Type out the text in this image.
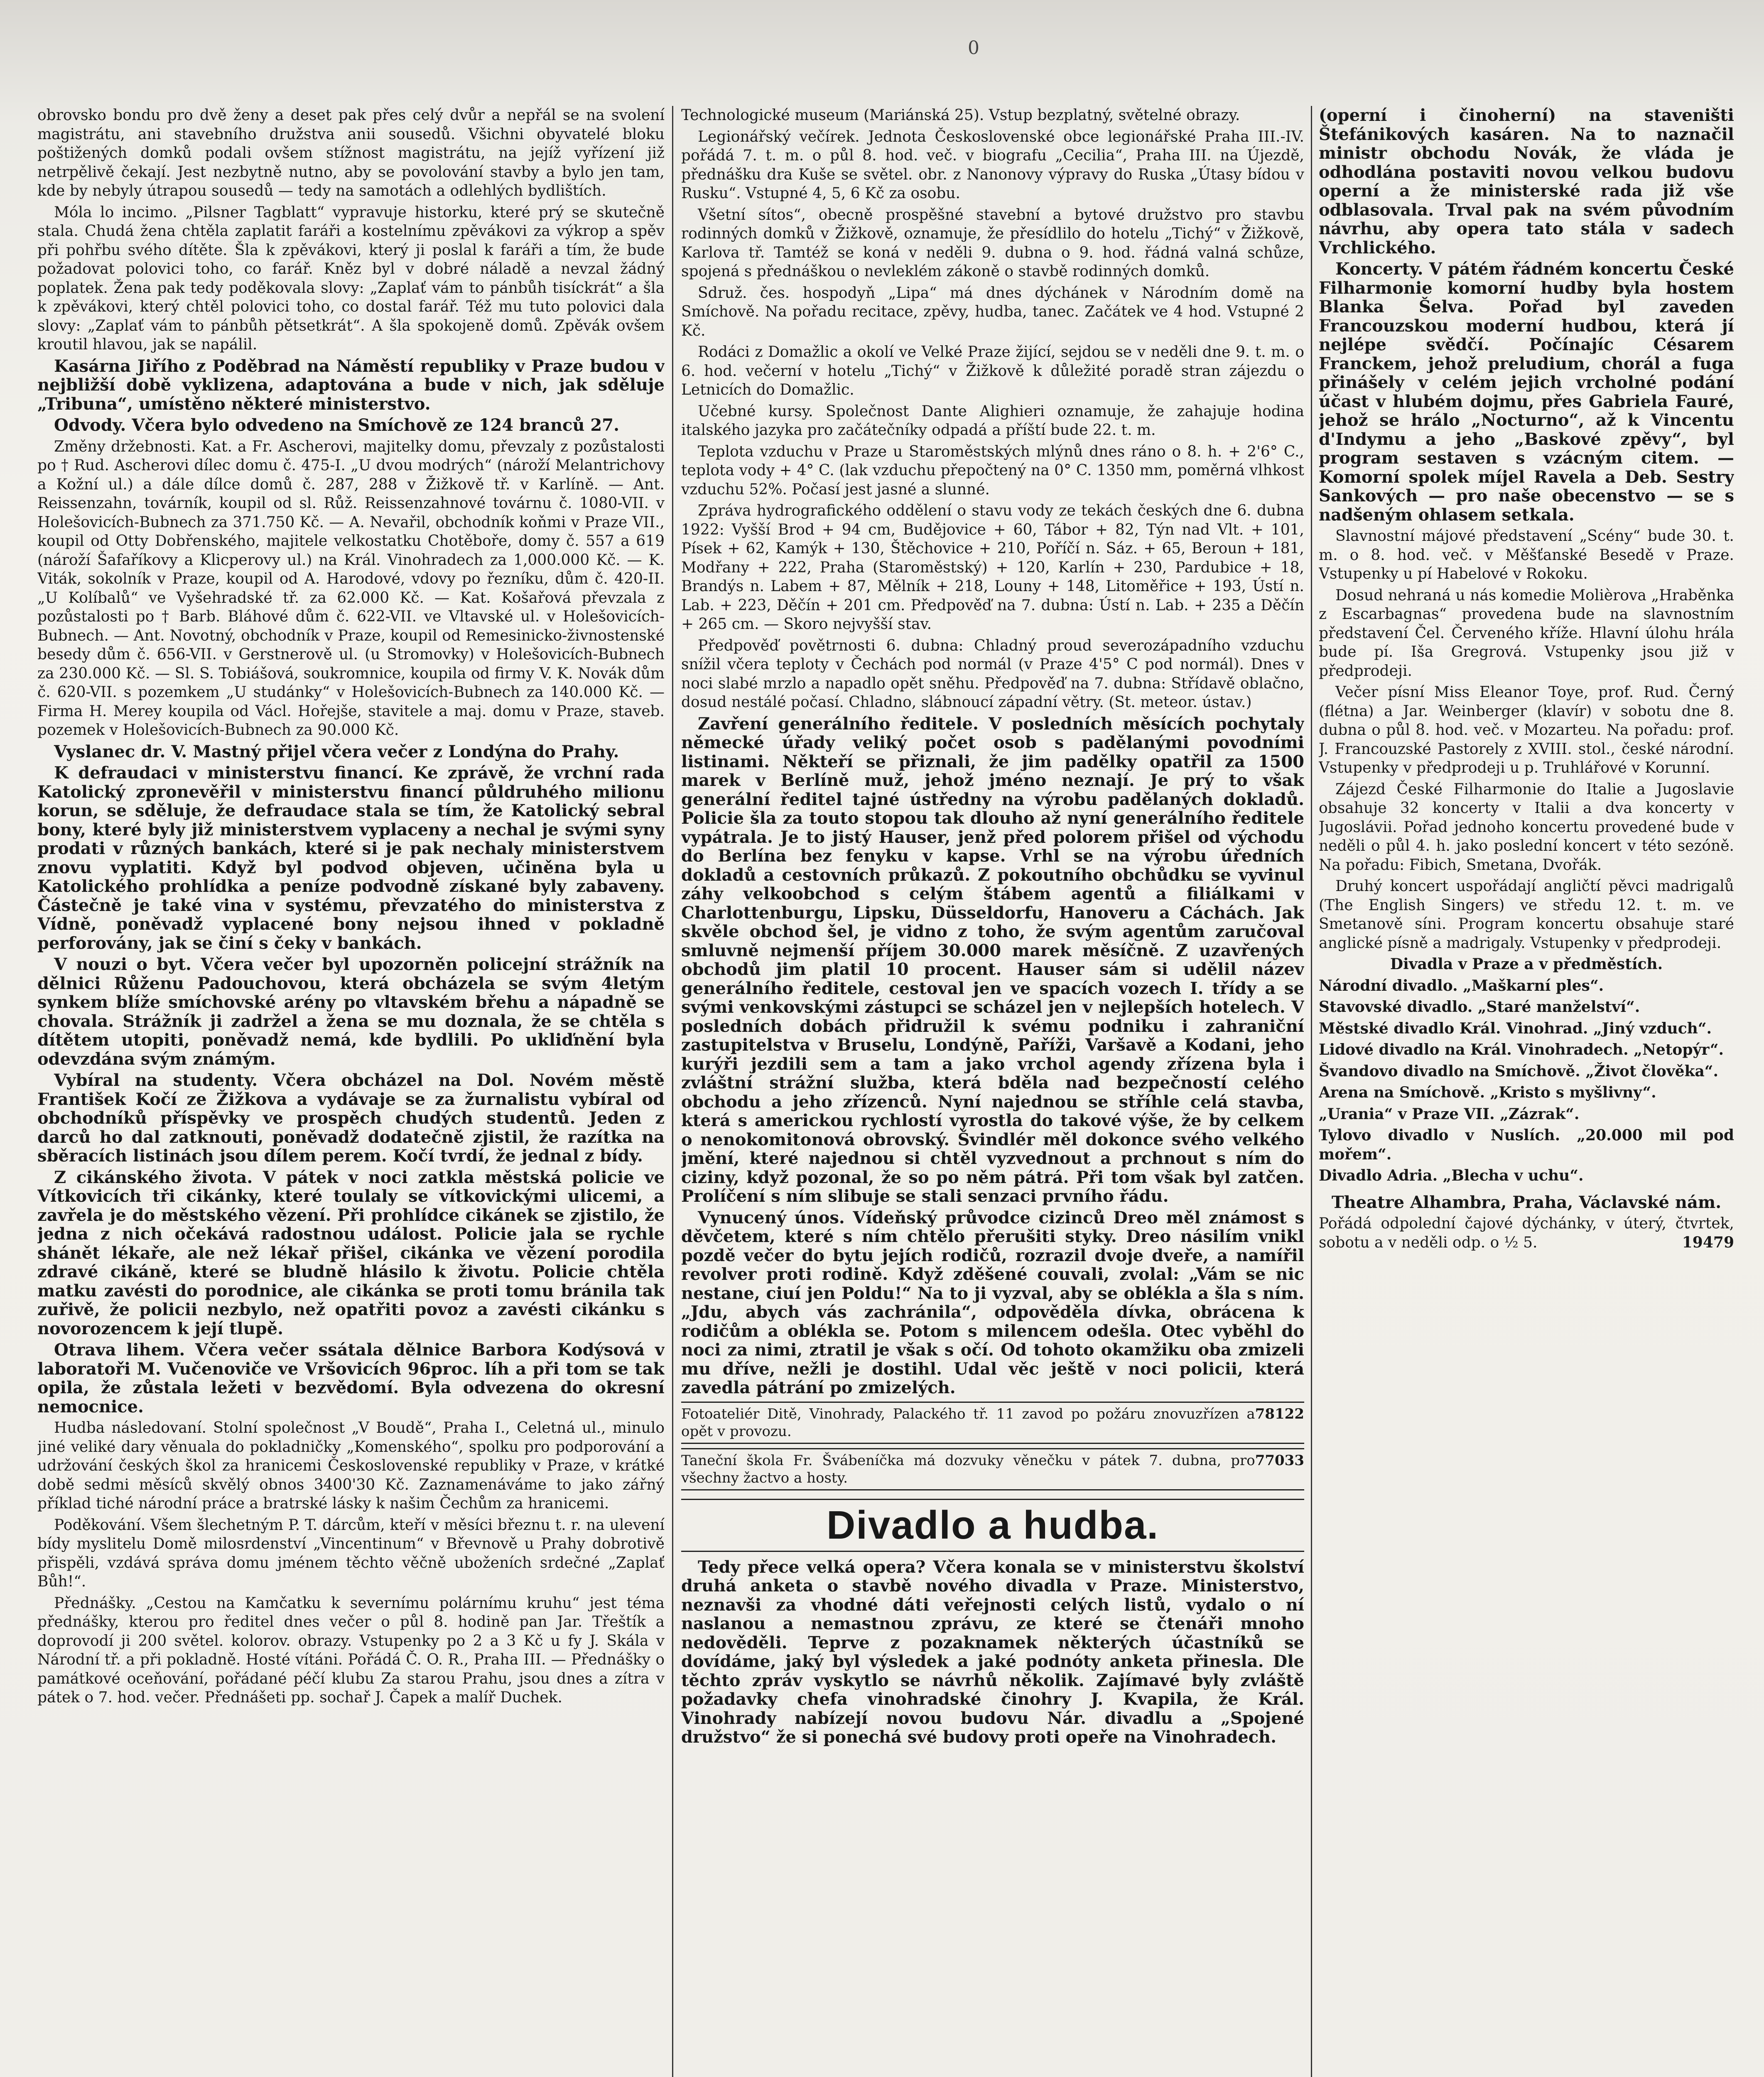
0

obrovsko bondu pro dvě ženy a deset pak přes celý dvůr a nepřál se na svolení magistrátu, ani stavebního družstva anii sousedů. Všichni obyvatelé bloku poštižených domků podali ovšem stížnost magistrátu, na jejíž vyřízení již netrpělivě čekají. Jest nezbytně nutno, aby se povolování stavby a bylo jen tam, kde by nebyly útrapou sousedů — tedy na samotách a odlehlých bydlištích.

Móla lo incimo. „Pilsner Tagblatt“ vypravuje historku, které prý se skutečně stala. Chudá žena chtěla zaplatit faráři a kostelnímu zpěvákovi za výkrop a spěv při pohřbu svého dítěte. Šla k zpěvákovi, který ji poslal k faráři a tím, že bude požadovat polovici toho, co farář. Kněz byl v dobré náladě a nevzal žádný poplatek. Žena pak tedy poděkovala slovy: „Zaplať vám to pánbůh tisíckrát“ a šla k zpěvákovi, který chtěl polovici toho, co dostal farář. Též mu tuto polovici dala slovy: „Zaplať vám to pánbůh pětsetkrát“. A šla spokojeně domů. Zpěvák ovšem kroutil hlavou, jak se napálil.

Kasárna Jiřího z Poděbrad na Náměstí republiky v Praze budou v nejbližší době vyklizena, adaptována a bude v nich, jak sděluje „Tribuna“, umístěno některé ministerstvo.

Odvody. Včera bylo odvedeno na Smíchově ze 124 branců 27.

Změny držebnosti. Kat. a Fr. Ascherovi, majitelky domu, převzaly z pozůstalosti po † Rud. Ascherovi dílec domu č. 475-I. „U dvou modrých“ (nároží Melantrichovy a Kožní ul.) a dále dílce domů č. 287, 288 v Žižkově tř. v Karlíně. — Ant. Reissenzahn, továrník, koupil od sl. Růž. Reissenzahnové továrnu č. 1080-VII. v Holešovicích-Bubnech za 371.750 Kč. — A. Nevařil, obchodník koňmi v Praze VII., koupil od Otty Dobřenského, majitele velkostatku Chotěboře, domy č. 557 a 619 (nároží Šafaříkovy a Klicperovy ul.) na Král. Vinohradech za 1,000.000 Kč. — K. Viták, sokolník v Praze, koupil od A. Harodové, vdovy po řezníku, dům č. 420-II. „U Kolíbalů“ ve Vyšehradské tř. za 62.000 Kč. — Kat. Košařová převzala z pozůstalosti po † Barb. Bláhové dům č. 622-VII. ve Vltavské ul. v Holešovicích-Bubnech. — Ant. Novotný, obchodník v Praze, koupil od Remesinicko-živnostenské besedy dům č. 656-VII. v Gerstnerově ul. (u Stromovky) v Holešovicích-Bubnech za 230.000 Kč. — Sl. S. Tobiášová, soukromnice, koupila od firmy V. K. Novák dům č. 620-VII. s pozemkem „U studánky“ v Holešovicích-Bubnech za 140.000 Kč. — Firma H. Merey koupila od Václ. Hořejše, stavitele a maj. domu v Praze, staveb. pozemek v Holešovicích-Bubnech za 90.000 Kč.

Vyslanec dr. V. Mastný přijel včera večer z Londýna do Prahy.

K defraudaci v ministerstvu financí. Ke zprávě, že vrchní rada Katolický zpronevěřil v ministerstvu financí půldruhého milionu korun, se sděluje, že defraudace stala se tím, že Katolický sebral bony, které byly již ministerstvem vyplaceny a nechal je svými syny prodati v různých bankách, které si je pak nechaly ministerstvem znovu vyplatiti. Když byl podvod objeven, učiněna byla u Katolického prohlídka a peníze podvodně získané byly zabaveny. Částečně je také vina v systému, převzatého do ministerstva z Vídně, poněvadž vyplacené bony nejsou ihned v pokladně perforovány, jak se činí s čeky v bankách.

V nouzi o byt. Včera večer byl upozorněn policejní strážník na dělnici Růženu Padouchovou, která obcházela se svým 4letým synkem blíže smíchovské arény po vltavském břehu a nápadně se chovala. Strážník ji zadržel a žena se mu doznala, že se chtěla s dítětem utopiti, poněvadž nemá, kde bydlili. Po ukliďnění byla odevzdána svým známým.

Vybíral na studenty. Včera obcházel na Dol. Novém městě František Kočí ze Žižkova a vydávaje se za žurnalistu vybíral od obchodníků příspěvky ve prospěch chudých studentů. Jeden z darců ho dal zatknouti, poněvadž dodatečně zjistil, že razítka na sběracích listinách jsou dílem perem. Kočí tvrdí, že jednal z bídy.

Z cikánského života. V pátek v noci zatkla městská policie ve Vítkovicích tři cikánky, které toulaly se vítkovickými ulicemi, a zavřela je do městského vězení. Při prohlídce cikánek se zjistilo, že jedna z nich očekává radostnou událost. Policie jala se rychle shánět lékaře, ale než lékař přišel, cikánka ve vězení porodila zdravé cikáně, které se bludně hlásilo k životu. Policie chtěla matku zavésti do porodnice, ale cikánka se proti tomu bránila tak zuřivě, že policii nezbylo, než opatřiti povoz a zavésti cikánku s novorozencem k její tlupě.

Otrava lihem. Včera večer ssátala dělnice Barbora Kodýsová v laboratoři M. Vučenoviče ve Vršovicích 96proc. líh a při tom se tak opila, že zůstala ležeti v bezvědomí. Byla odvezena do okresní nemocnice.

Hudba následovaní. Stolní společnost „V Boudě“, Praha I., Celetná ul., minulo jiné veliké dary věnuala do pokladničky „Komenského“, spolku pro podporování a udržování českých škol za hranicemi Československé republiky v Praze, v krátké době sedmi měsíců skvělý obnos 3400'30 Kč. Zaznamenáváme to jako zářný příklad tiché národní práce a bratrské lásky k našim Čechům za hranicemi.

Poděkování. Všem šlechetným P. T. dárcům, kteří v měsíci březnu t. r. na ulevení bídy myslitelu Domě milosrdenství „Vincentinum“ v Břevnově u Prahy dobrotivě přispěli, vzdává správa domu jménem těchto věčně uboženích srdečné „Zaplať Bůh!“.

Přednášky. „Cestou na Kamčatku k severnímu polárnímu kruhu“ jest téma přednášky, kterou pro ředitel dnes večer o půl 8. hodině pan Jar. Třeštík a doprovodí ji 200 světel. kolorov. obrazy. Vstupenky po 2 a 3 Kč u fy J. Skála v Národní tř. a při pokladně. Hosté vítáni. Pořádá Č. O. R., Praha III. — Přednášky o památkové oceňování, pořádané péčí klubu Za starou Prahu, jsou dnes a zítra v pátek o 7. hod. večer. Přednášeti pp. sochař J. Čapek a malíř Duchek.

Technologické museum (Mariánská 25). Vstup bezplatný, světelné obrazy.

Legionářský večírek. Jednota Československé obce legionářské Praha III.-IV. pořádá 7. t. m. o půl 8. hod. več. v biografu „Cecilia“, Praha III. na Újezdě, přednášku dra Kuše se světel. obr. z Nanonovy výpravy do Ruska „Útasy bídou v Rusku“. Vstupné 4, 5, 6 Kč za osobu.

Všetní sítos“, obecně prospěšné stavební a bytové družstvo pro stavbu rodinných domků v Žižkově, oznamuje, že přesídlilo do hotelu „Tichý“ v Žižkově, Karlova tř. Tamtéž se koná v neděli 9. dubna o 9. hod. řádná valná schůze, spojená s přednáškou o nevleklém zákoně o stavbě rodinných domků.

Sdruž. čes. hospodyň „Lipa“ má dnes dýchánek v Národním domě na Smíchově. Na pořadu recitace, zpěvy, hudba, tanec. Začátek ve 4 hod. Vstupné 2 Kč.

Rodáci z Domažlic a okolí ve Velké Praze žijící, sejdou se v neděli dne 9. t. m. o 6. hod. večerní v hotelu „Tichý“ v Žižkově k důležité poradě stran zájezdu o Letnicích do Domažlic.

Učebné kursy. Společnost Dante Alighieri oznamuje, že zahajuje hodina italského jazyka pro začátečníky odpadá a příští bude 22. t. m.

Teplota vzduchu v Praze u Staroměstských mlýnů dnes ráno o 8. h. + 2'6° C., teplota vody + 4° C. (lak vzduchu přepočtený na 0° C. 1350 mm, poměrná vlhkost vzduchu 52%. Počasí jest jasné a slunné.

Zpráva hydrografického oddělení o stavu vody ze tekách českých dne 6. dubna 1922: Vyšší Brod + 94 cm, Budějovice + 60, Tábor + 82, Týn nad Vlt. + 101, Písek + 62, Kamýk + 130, Štěchovice + 210, Poříčí n. Sáz. + 65, Beroun + 181, Modřany + 222, Praha (Staroměstský) + 120, Karlín + 230, Pardubice + 18, Brandýs n. Labem + 87, Mělník + 218, Louny + 148, Litoměřice + 193, Ústí n. Lab. + 223, Děčín + 201 cm. Předpověď na 7. dubna: Ústí n. Lab. + 235 a Děčín + 265 cm. — Skoro nejvyšší stav.

Předpověď povětrnosti 6. dubna: Chladný proud severozápadního vzduchu snížil včera teploty v Čechách pod normál (v Praze 4'5° C pod normál). Dnes v noci slabé mrzlo a napadlo opět sněhu. Předpověď na 7. dubna: Střídavě oblačno, dosud nestálé počasí. Chladno, slábnoucí západní větry. (St. meteor. ústav.)

Zavření generálního ředitele. V posledních měsících pochytaly německé úřady veliký počet osob s padělanými povodními listinami. Někteří se přiznali, že jim padělky opatřil za 1500 marek v Berlíně muž, jehož jméno neznají. Je prý to však generální ředitel tajné ústředny na výrobu padělaných dokladů. Policie šla za touto stopou tak dlouho až nyní generálního ředitele vypátrala. Je to jistý Hauser, jenž před polorem přišel od východu do Berlína bez fenyku v kapse. Vrhl se na výrobu úředních dokladů a cestovních průkazů. Z pokoutního obchůdku se vyvinul záhy velkoobchod s celým štábem agentů a filiálkami v Charlottenburgu, Lipsku, Düsseldorfu, Hanoveru a Cáchách. Jak skvěle obchod šel, je vidno z toho, že svým agentům zaručoval smluvně nejmenší příjem 30.000 marek měsíčně. Z uzavřených obchodů jim platil 10 procent. Hauser sám si udělil název generálního ředitele, cestoval jen ve spacích vozech I. třídy a se svými venkovskými zástupci se scházel jen v nejlepších hotelech. V posledních dobách přidružil k svému podniku i zahraniční zastupitelstva v Bruselu, Londýně, Paříži, Varšavě a Kodani, jeho kurýři jezdili sem a tam a jako vrchol agendy zřízena byla i zvláštní strážní služba, která bděla nad bezpečností celého obchodu a jeho zřízenců. Nyní najednou se stříhle celá stavba, která s americkou rychlostí vyrostla do takové výše, že by celkem o nenokomitonová obrovský. Švindlér měl dokonce svého velkého jmění, které najednou si chtěl vyzvednout a prchnout s ním do ciziny, když pozonal, že so po něm pátrá. Při tom však byl zatčen. Prolíčení s ním slibuje se stali senzaci prvního řádu.

Vynucený únos. Vídeňský průvodce cizinců Dreo měl známost s děvčetem, které s ním chtělo přerušiti styky. Dreo násilím vnikl pozdě večer do bytu jejích rodičů, rozrazil dvoje dveře, a namířil revolver proti rodině. Když zděšené couvali, zvolal: „Vám se nic nestane, ciuí jen Poldu!“ Na to ji vyzval, aby se oblékla a šla s ním. „Jdu, abych vás zachránila“, odpověděla dívka, obrácena k rodičům a oblékla se. Potom s milencem odešla. Otec vyběhl do noci za nimi, ztratil je však s očí. Od tohoto okamžiku oba zmizeli mu dříve, nežli je dostihl. Udal věc ještě v noci policii, která zavedla pátrání po zmizelých.

78122
Fotoateliér Ditě, Vinohrady, Palackého tř. 11 zavod po požáru znovuzřízen a opět v provozu.
77033
Taneční škola Fr. Švábeníčka má dozvuky věnečku v pátek 7. dubna, pro všechny žactvo a hosty.
Divadlo a hudba.

Tedy přece velká opera? Včera konala se v ministerstvu školství druhá anketa o stavbě nového divadla v Praze. Ministerstvo, neznavši za vhodné dáti veřejnosti celých listů, vydalo o ní naslanou a nemastnou zprávu, ze které se čtenáři mnoho nedověděli. Teprve z pozaknamek některých účastníků se dovídáme, jaký byl výsledek a jaké podnóty anketa přinesla. Dle těchto zpráv vyskytlo se návrhů několik. Zajímavé byly zvláště požadavky chefa vinohradské činohry J. Kvapila, že Král. Vinohrady nabízejí novou budovu Nár. divadlu a „Spojené družstvo“ že si ponechá své budovy proti opeře na Vinohradech.

(operní i činoherní) na staveništi Štefánikových kasáren. Na to naznačil ministr obchodu Novák, že vláda je odhodlána postaviti novou velkou budovu operní a že ministerské rada již vše odblasovala. Trval pak na svém původním návrhu, aby opera tato stála v sadech Vrchlického.

Koncerty. V pátém řádném koncertu České Filharmonie komorní hudby byla hostem Blanka Šelva. Pořad byl zaveden Francouzskou moderní hudbou, která jí nejlépe svědčí. Počínajíc Césarem Franckem, jehož preludium, chorál a fuga přinášely v celém jejich vrcholné podání účast v hlubém dojmu, přes Gabriela Fauré, jehož se hrálo „Nocturno“, až k Vincentu d'Indymu a jeho „Baskové zpěvy“, byl program sestaven s vzácným citem. — Komorní spolek míjel Ravela a Deb. Sestry Sankových — pro naše obecenstvo — se s nadšeným ohlasem setkala.

Slavnostní májové představení „Scény“ bude 30. t. m. o 8. hod. več. v Měšťanské Besedě v Praze. Vstupenky u pí Habelové v Rokoku.

Dosud nehraná u nás komedie Molièrova „Hraběnka z Escarbagnas“ provedena bude na slavnostním představení Čel. Červeného kříže. Hlavní úlohu hrála bude pí. Iša Gregrová. Vstupenky jsou již v předprodeji.

Večer písní Miss Eleanor Toye, prof. Rud. Černý (flétna) a Jar. Weinberger (klavír) v sobotu dne 8. dubna o půl 8. hod. več. v Mozarteu. Na pořadu: prof. J. Francouzské Pastorely z XVIII. stol., české národní. Vstupenky v předprodeji u p. Truhlářové v Korunní.

Zájezd České Filharmonie do Italie a Jugoslavie obsahuje 32 koncerty v Italii a dva koncerty v Jugoslávii. Pořad jednoho koncertu provedené bude v neděli o půl 4. h. jako poslední koncert v této sezóně. Na pořadu: Fibich, Smetana, Dvořák.

Druhý koncert uspořádají angličtí pěvci madrigalů (The English Singers) ve středu 12. t. m. ve Smetanově síni. Program koncertu obsahuje staré anglické písně a madrigaly. Vstupenky v předprodeji.

Divadla v Praze a v předměstích.

Národní divadlo. „Maškarní ples“.

Stavovské divadlo. „Staré manželství“.

Městské divadlo Král. Vinohrad. „Jiný vzduch“.

Lidové divadlo na Král. Vinohradech. „Netopýr“.

Švandovo divadlo na Smíchově. „Život člověka“.

Arena na Smíchově. „Kristo s myšlivny“.

„Urania“ v Praze VII. „Zázrak“.

Tylovo divadlo v Nuslích. „20.000 mil pod mořem“.

Divadlo Adria. „Blecha v uchu“.

Theatre Alhambra, Praha, Václavské nám.

Pořádá odpolední čajové dýchánky, v úterý, čtvrtek, sobotu a v neděli odp. o ½ 5.	19479
